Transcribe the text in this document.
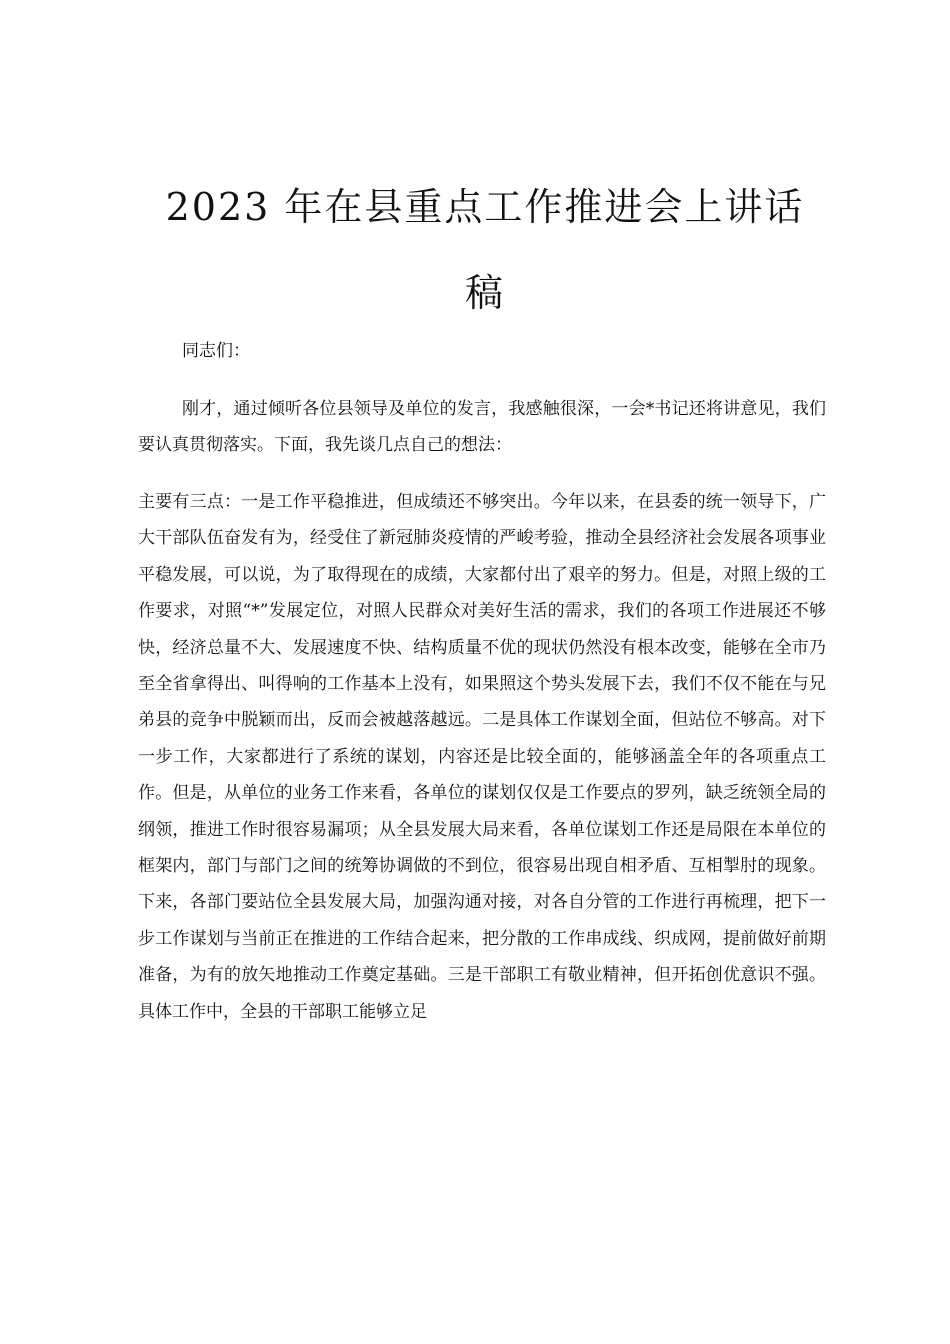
2023 年在县重点工作推进会上讲话
稿

同志们：

刚才，通过倾听各位县领导及单位的发言，我感触很深，一会*书记还将讲意见，我们要认真贯彻落实。下面，我先谈几点自己的想法：

主要有三点：一是工作平稳推进，但成绩还不够突出。今年以来，在县委的统一领导下，广大干部队伍奋发有为，经受住了新冠肺炎疫情的严峻考验，推动全县经济社会发展各项事业平稳发展，可以说，为了取得现在的成绩，大家都付出了艰辛的努力。但是，对照上级的工作要求，对照“*”发展定位，对照人民群众对美好生活的需求，我们的各项工作进展还不够快，经济总量不大、发展速度不快、结构质量不优的现状仍然没有根本改变，能够在全市乃至全省拿得出、叫得响的工作基本上没有，如果照这个势头发展下去，我们不仅不能在与兄弟县的竞争中脱颖而出，反而会被越落越远。二是具体工作谋划全面，但站位不够高。对下一步工作，大家都进行了系统的谋划，内容还是比较全面的，能够涵盖全年的各项重点工作。但是，从单位的业务工作来看，各单位的谋划仅仅是工作要点的罗列，缺乏统领全局的纲领，推进工作时很容易漏项；从全县发展大局来看，各单位谋划工作还是局限在本单位的框架内，部门与部门之间的统筹协调做的不到位，很容易出现自相矛盾、互相掣肘的现象。下来，各部门要站位全县发展大局，加强沟通对接，对各自分管的工作进行再梳理，把下一步工作谋划与当前正在推进的工作结合起来，把分散的工作串成线、织成网，提前做好前期准备，为有的放矢地推动工作奠定基础。三是干部职工有敬业精神，但开拓创优意识不强。具体工作中，全县的干部职工能够立足
